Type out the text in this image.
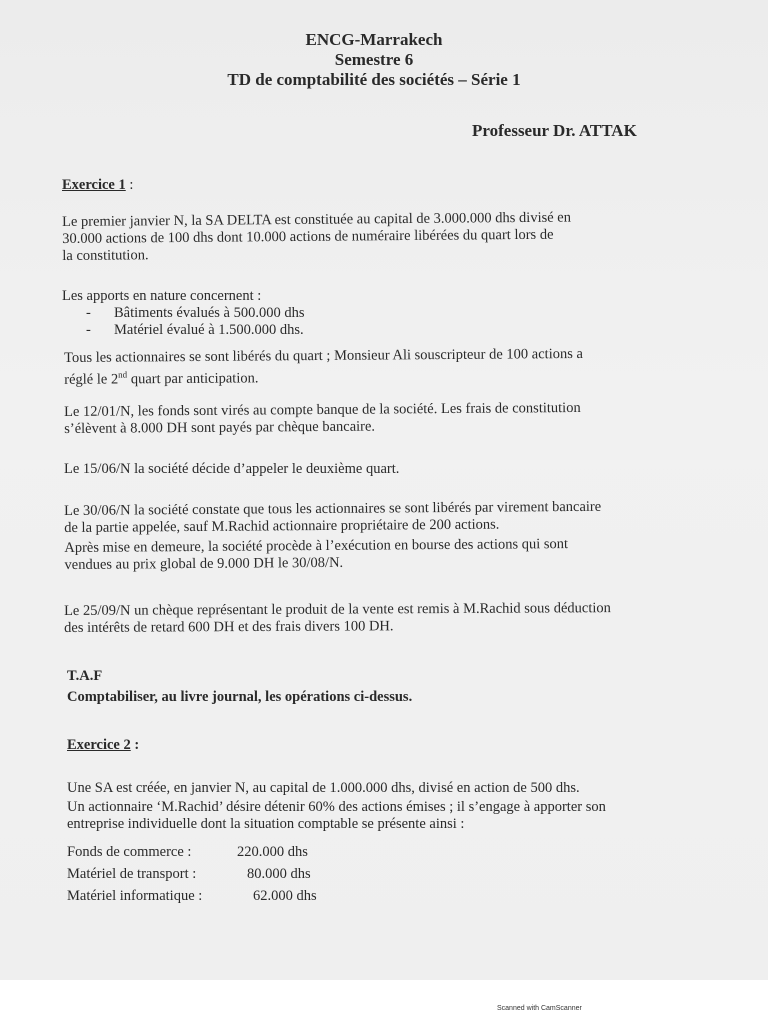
ENCG-Marrakech
Semestre 6
TD de comptabilité des sociétés – Série 1
Professeur Dr. ATTAK
Exercice 1 :
Le premier janvier N, la SA DELTA est constituée au capital de 3.000.000 dhs divisé en
30.000 actions de 100 dhs dont 10.000 actions de numéraire libérées du quart lors de
la constitution.
Les apports en nature concernent :
- Bâtiments évalués à 500.000 dhs
- Matériel évalué à 1.500.000 dhs.
Tous les actionnaires se sont libérés du quart ; Monsieur Ali souscripteur de 100 actions a
réglé le 2nd quart par anticipation.
Le 12/01/N, les fonds sont virés au compte banque de la société. Les frais de constitution
s’élèvent à 8.000 DH sont payés par chèque bancaire.
Le 15/06/N la société décide d’appeler le deuxième quart.
Le 30/06/N la société constate que tous les actionnaires se sont libérés par virement bancaire
de la partie appelée, sauf M.Rachid actionnaire propriétaire de 200 actions.
Après mise en demeure, la société procède à l’exécution en bourse des actions qui sont
vendues au prix global de 9.000 DH le 30/08/N.
Le 25/09/N un chèque représentant le produit de la vente est remis à M.Rachid sous déduction
des intérêts de retard 600 DH et des frais divers 100 DH.
T.A.F
Comptabiliser, au livre journal, les opérations ci-dessus.
Exercice 2 :
Une SA est créée, en janvier N, au capital de 1.000.000 dhs, divisé en action de 500 dhs.
Un actionnaire ‘M.Rachid’ désire détenir 60% des actions émises ; il s’engage à apporter son
entreprise individuelle dont la situation comptable se présente ainsi :
Fonds de commerce :	220.000 dhs
Matériel de transport :	80.000 dhs
Matériel informatique :	62.000 dhs
Scanned with CamScanner
